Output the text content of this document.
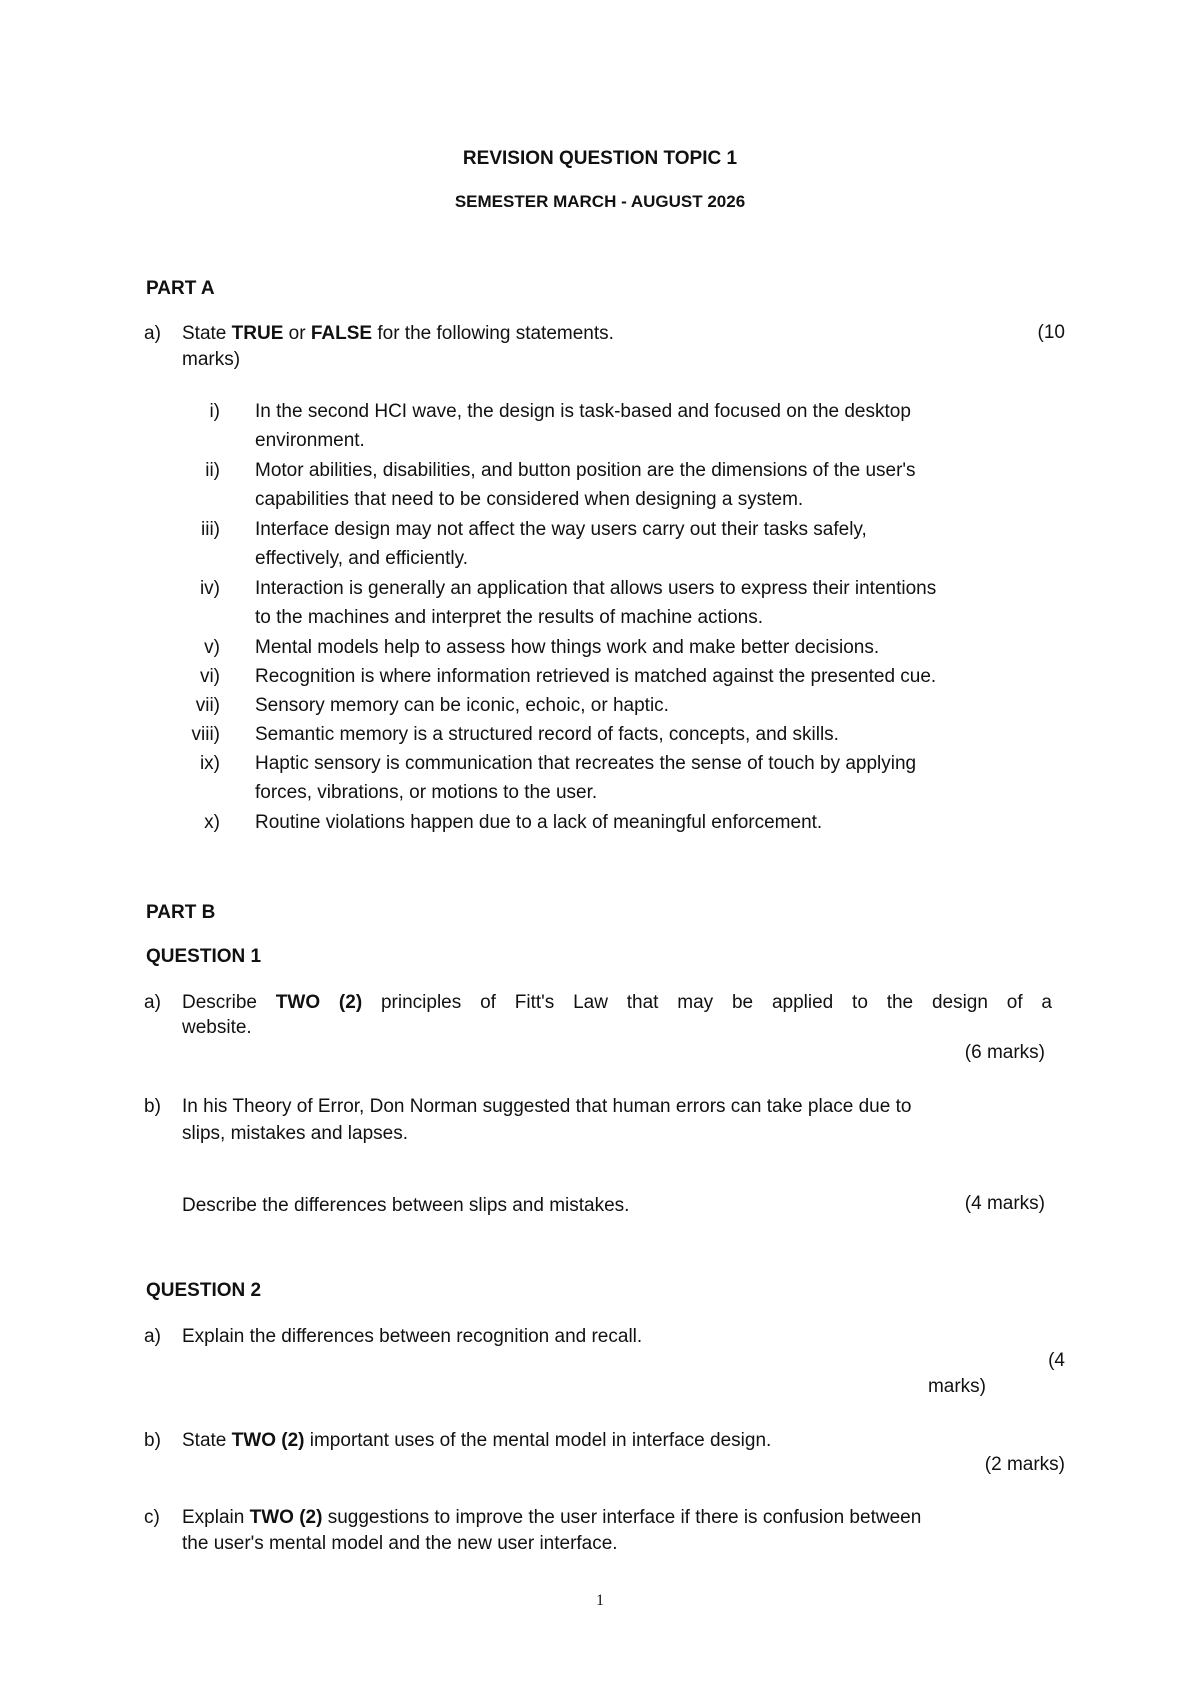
REVISION QUESTION TOPIC 1
SEMESTER MARCH - AUGUST 2026
PART A
a) State TRUE or FALSE for the following statements.	(10
marks)
i) In the second HCI wave, the design is task-based and focused on the desktop
environment.
ii) Motor abilities, disabilities, and button position are the dimensions of the user's
capabilities that need to be considered when designing a system.
iii) Interface design may not affect the way users carry out their tasks safely,
effectively, and efficiently.
iv) Interaction is generally an application that allows users to express their intentions
to the machines and interpret the results of machine actions.
v) Mental models help to assess how things work and make better decisions.
vi) Recognition is where information retrieved is matched against the presented cue.
vii) Sensory memory can be iconic, echoic, or haptic.
viii) Semantic memory is a structured record of facts, concepts, and skills.
ix) Haptic sensory is communication that recreates the sense of touch by applying
forces, vibrations, or motions to the user.
x) Routine violations happen due to a lack of meaningful enforcement.
PART B
QUESTION 1
a) Describe TWO (2) principles of Fitt's Law that may be applied to the design of a
website.
(6 marks)
b) In his Theory of Error, Don Norman suggested that human errors can take place due to
slips, mistakes and lapses.
Describe the differences between slips and mistakes.	(4 marks)
QUESTION 2
a) Explain the differences between recognition and recall.
(4
marks)
b) State TWO (2) important uses of the mental model in interface design.
(2 marks)
c) Explain TWO (2) suggestions to improve the user interface if there is confusion between
the user's mental model and the new user interface.
1
